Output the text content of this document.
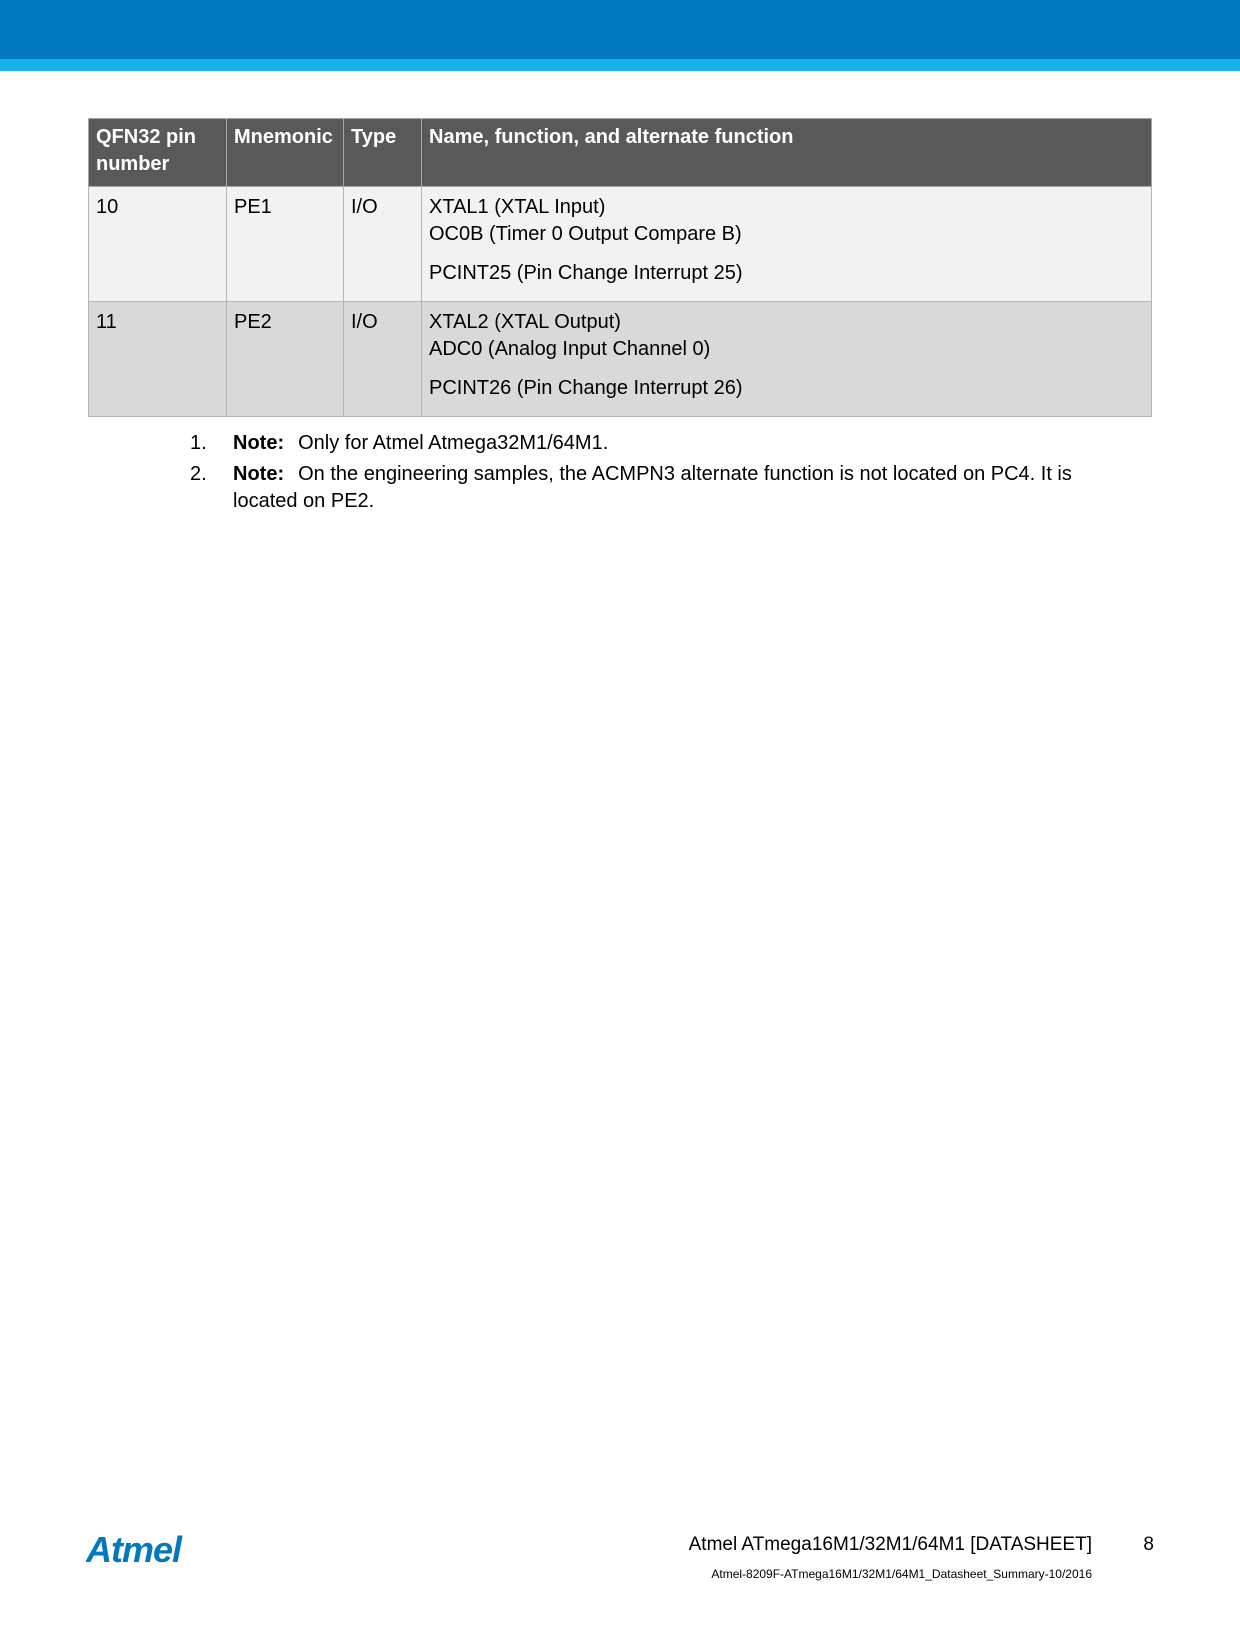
QFN32 pin number	Mnemonic	Type	Name, function, and alternate function
10	PE1	I/O	XTAL1 (XTAL Input)
OC0B (Timer 0 Output Compare B)
PCINT25 (Pin Change Interrupt 25)

11	PE2	I/O	XTAL2 (XTAL Output)
ADC0 (Analog Input Channel 0)
PCINT26 (Pin Change Interrupt 26)
1. Note: Only for Atmel Atmega32M1/64M1.
2. Note: On the engineering samples, the ACMPN3 alternate function is not located on PC4. It is located on PE2.
Atmel	Atmel ATmega16M1/32M1/64M1 [DATASHEET]	8
Atmel-8209F-ATmega16M1/32M1/64M1_Datasheet_Summary-10/2016
